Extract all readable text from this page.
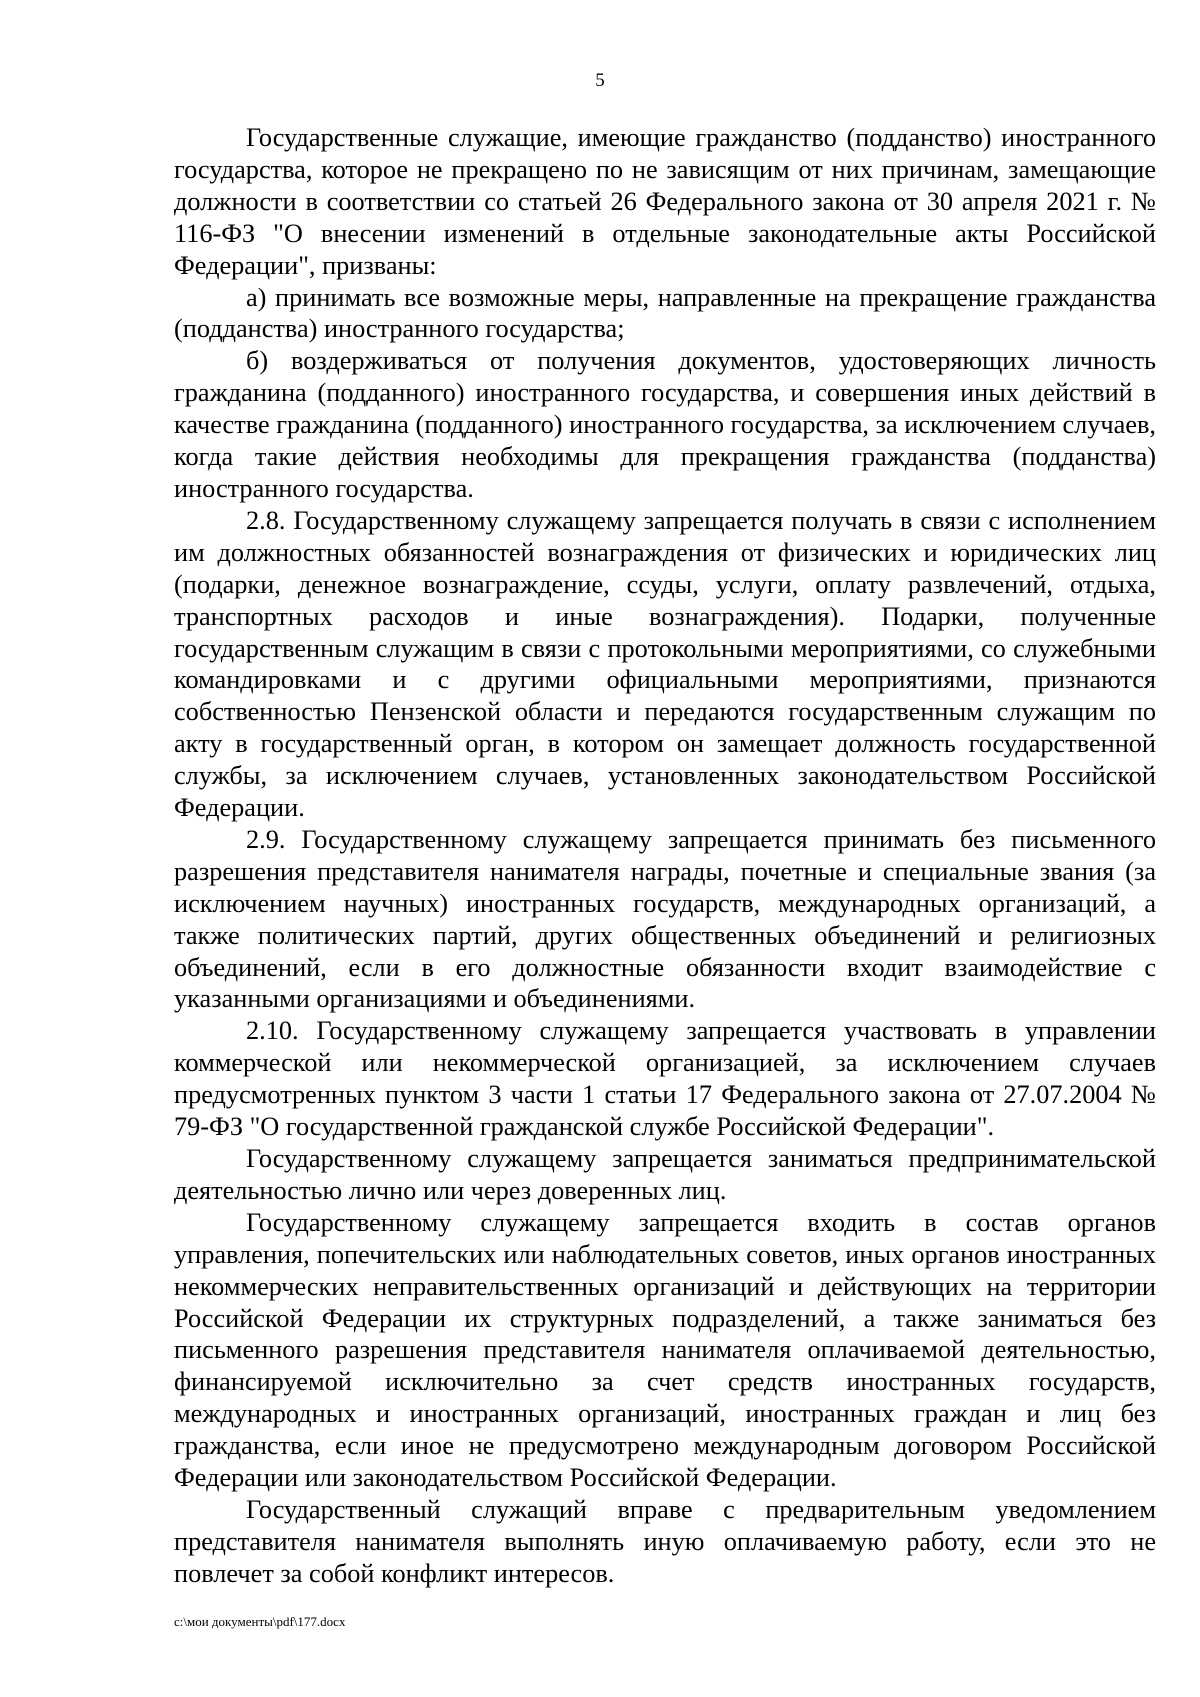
5

Государственные служащие, имеющие гражданство (подданство) иностранного государства, которое не прекращено по не зависящим от них причинам, замещающие должности в соответствии со статьей 26 Федерального закона от 30 апреля 2021 г. № 116-ФЗ "О внесении изменений в отдельные законодательные акты Российской Федерации", призваны:

а) принимать все возможные меры, направленные на прекращение гражданства (подданства) иностранного государства;

б) воздерживаться от получения документов, удостоверяющих личность гражданина (подданного) иностранного государства, и совершения иных действий в качестве гражданина (подданного) иностранного государства, за исключением случаев, когда такие действия необходимы для прекращения гражданства (подданства) иностранного государства.

2.8. Государственному служащему запрещается получать в связи с исполнением им должностных обязанностей вознаграждения от физических и юридических лиц (подарки, денежное вознаграждение, ссуды, услуги, оплату развлечений, отдыха, транспортных расходов и иные вознаграждения). Подарки, полученные государственным служащим в связи с протокольными мероприятиями, со служебными командировками и с другими официальными мероприятиями, признаются собственностью Пензенской области и передаются государственным служащим по акту в государственный орган, в котором он замещает должность государственной службы, за исключением случаев, установленных законодательством Российской Федерации.

2.9. Государственному служащему запрещается принимать без письменного разрешения представителя нанимателя награды, почетные и специальные звания (за исключением научных) иностранных государств, международных организаций, а также политических партий, других общественных объединений и религиозных объединений, если в его должностные обязанности входит взаимодействие с указанными организациями и объединениями.

2.10. Государственному служащему запрещается участвовать в управлении коммерческой или некоммерческой организацией, за исключением случаев предусмотренных пунктом 3 части 1 статьи 17 Федерального закона от 27.07.2004 № 79-ФЗ "О государственной гражданской службе Российской Федерации".

Государственному служащему запрещается заниматься предпринимательской деятельностью лично или через доверенных лиц.

Государственному служащему запрещается входить в состав органов управления, попечительских или наблюдательных советов, иных органов иностранных некоммерческих неправительственных организаций и действующих на территории Российской Федерации их структурных подразделений, а также заниматься без письменного разрешения представителя нанимателя оплачиваемой деятельностью, финансируемой исключительно за счет средств иностранных государств, международных и иностранных организаций, иностранных граждан и лиц без гражданства, если иное не предусмотрено международным договором Российской Федерации или законодательством Российской Федерации.

Государственный служащий вправе с предварительным уведомлением представителя нанимателя выполнять иную оплачиваемую работу, если это не повлечет за собой конфликт интересов.

c:\мои документы\pdf\177.docx
